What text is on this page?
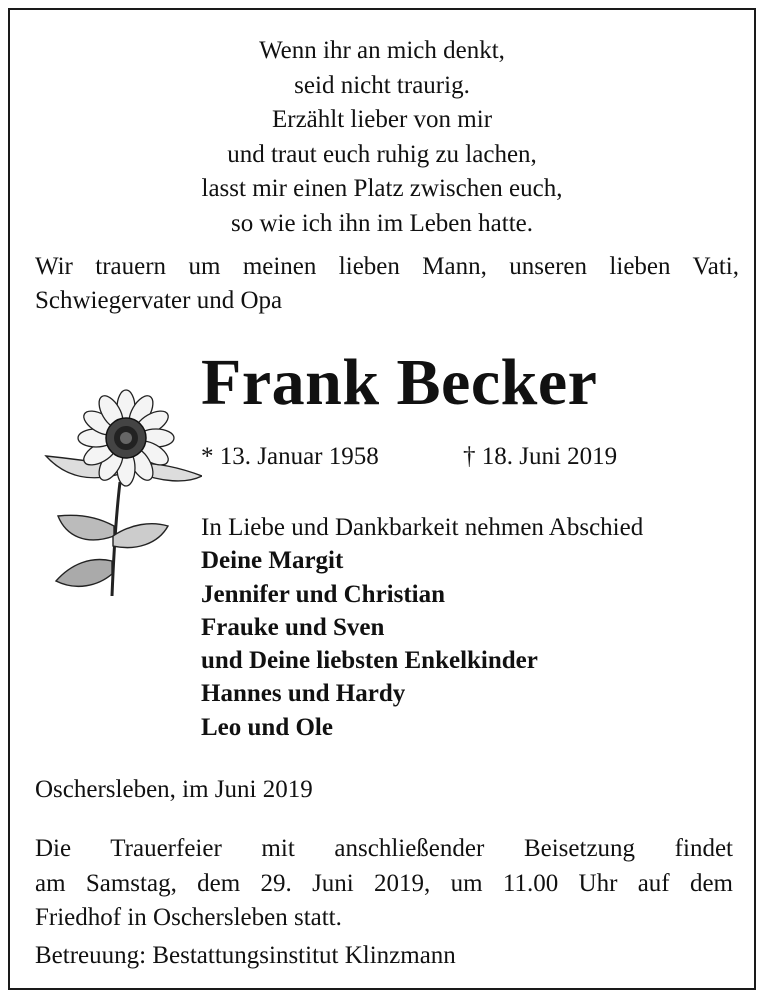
Wenn ihr an mich denkt,
seid nicht traurig.
Erzählt lieber von mir
und traut euch ruhig zu lachen,
lasst mir einen Platz zwischen euch,
so wie ich ihn im Leben hatte.
Wir trauern um meinen lieben Mann, unseren lieben Vati, Schwiegervater und Opa
Frank Becker
* 13. Januar 1958	† 18. Juni 2019
In Liebe und Dankbarkeit nehmen Abschied
Deine Margit
Jennifer und Christian
Frauke und Sven
und Deine liebsten Enkelkinder
Hannes und Hardy
Leo und Ole
Oschersleben, im Juni 2019
Die Trauerfeier mit anschließender Beisetzung findet
am Samstag, dem 29. Juni 2019, um 11.00 Uhr auf dem
Friedhof in Oschersleben statt.
Betreuung: Bestattungsinstitut Klinzmann
